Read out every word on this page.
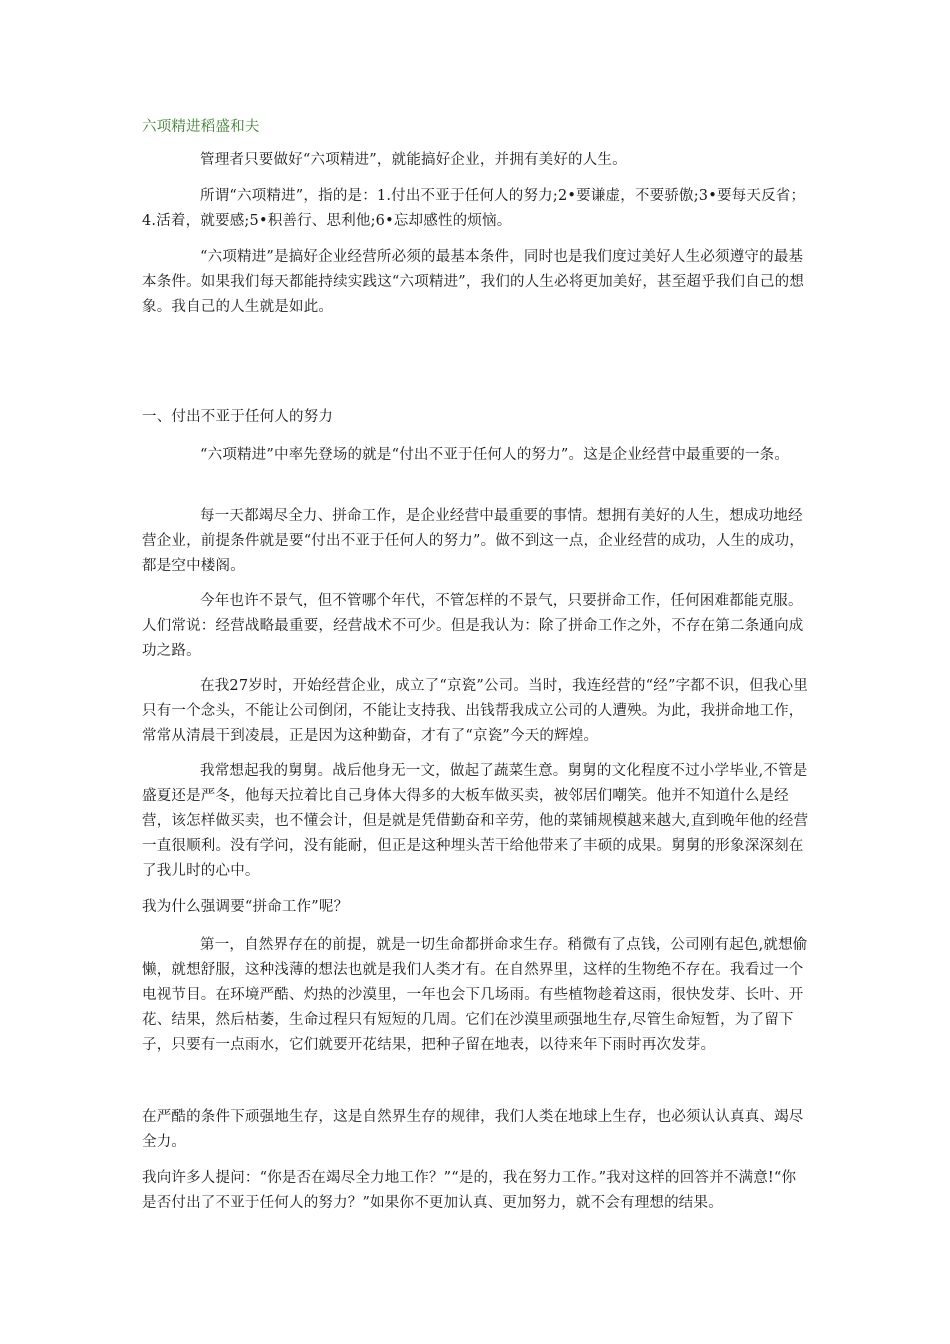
六项精进稻盛和夫

管理者只要做好“六项精进”，就能搞好企业，并拥有美好的人生。

所谓“六项精进”，指的是：1.付出不亚于任何人的努力;2•要谦虚，不要骄傲;3•要每天反省；4.活着，就要感;5•积善行、思利他;6•忘却感性的烦恼。

“六项精进”是搞好企业经营所必须的最基本条件，同时也是我们度过美好人生必须遵守的最基本条件。如果我们每天都能持续实践这“六项精进”，我们的人生必将更加美好，甚至超乎我们自己的想象。我自己的人生就是如此。

一、付出不亚于任何人的努力

“六项精进”中率先登场的就是“付出不亚于任何人的努力”。这是企业经营中最重要的一条。

每一天都竭尽全力、拼命工作，是企业经营中最重要的事情。想拥有美好的人生，想成功地经营企业，前提条件就是要“付出不亚于任何人的努力”。做不到这一点，企业经营的成功，人生的成功，都是空中楼阁。

今年也许不景气，但不管哪个年代，不管怎样的不景气，只要拼命工作，任何困难都能克服。人们常说：经营战略最重要，经营战术不可少。但是我认为：除了拼命工作之外，不存在第二条通向成功之路。

在我27岁时，开始经营企业，成立了“京瓷”公司。当时，我连经营的“经”字都不识，但我心里只有一个念头，不能让公司倒闭，不能让支持我、出钱帮我成立公司的人遭殃。为此，我拼命地工作，常常从清晨干到凌晨，正是因为这种勤奋，才有了“京瓷”今天的辉煌。

我常想起我的舅舅。战后他身无一文，做起了蔬菜生意。舅舅的文化程度不过小学毕业,不管是盛夏还是严冬，他每天拉着比自己身体大得多的大板车做买卖，被邻居们嘲笑。他并不知道什么是经营，该怎样做买卖，也不懂会计，但是就是凭借勤奋和辛劳，他的菜铺规模越来越大,直到晚年他的经营一直很顺利。没有学问，没有能耐，但正是这种埋头苦干给他带来了丰硕的成果。舅舅的形象深深刻在了我儿时的心中。

我为什么强调要“拼命工作”呢？

第一，自然界存在的前提，就是一切生命都拼命求生存。稍微有了点钱，公司刚有起色,就想偷懒，就想舒服，这种浅薄的想法也就是我们人类才有。在自然界里，这样的生物绝不存在。我看过一个电视节目。在环境严酷、灼热的沙漠里，一年也会下几场雨。有些植物趁着这雨，很快发芽、长叶、开花、结果，然后枯萎，生命过程只有短短的几周。它们在沙漠里顽强地生存,尽管生命短暂，为了留下子，只要有一点雨水，它们就要开花结果，把种子留在地表，以待来年下雨时再次发芽。

在严酷的条件下顽强地生存，这是自然界生存的规律，我们人类在地球上生存，也必须认认真真、竭尽全力。

我向许多人提问：“你是否在竭尽全力地工作？”“是的，我在努力工作。”我对这样的回答并不满意!“你是否付出了不亚于任何人的努力？”如果你不更加认真、更加努力，就不会有理想的结果。
